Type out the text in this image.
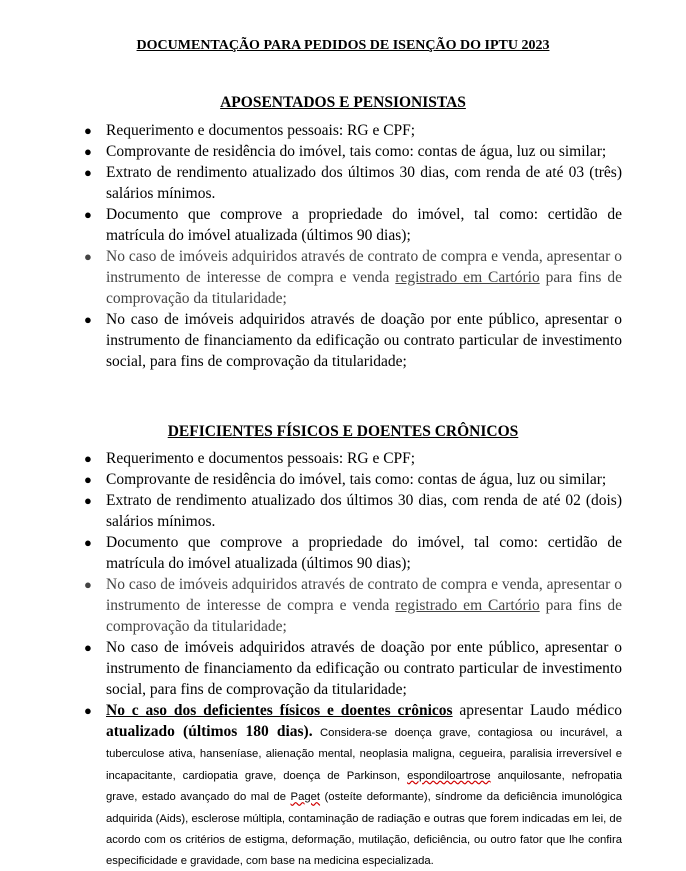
DOCUMENTAÇÃO PARA PEDIDOS DE ISENÇÃO DO IPTU 2023
APOSENTADOS E PENSIONISTAS
● Requerimento e documentos pessoais: RG e CPF;
● Comprovante de residência do imóvel, tais como: contas de água, luz ou similar;
● Extrato de rendimento atualizado dos últimos 30 dias, com renda de até 03 (três) salários mínimos.
● Documento que comprove a propriedade do imóvel, tal como: certidão de matrícula do imóvel atualizada (últimos 90 dias);
● No caso de imóveis adquiridos através de contrato de compra e venda, apresentar o instrumento de interesse de compra e venda registrado em Cartório para fins de comprovação da titularidade;
● No caso de imóveis adquiridos através de doação por ente público, apresentar o instrumento de financiamento da edificação ou contrato particular de investimento social, para fins de comprovação da titularidade;
DEFICIENTES FÍSICOS E DOENTES CRÔNICOS
● Requerimento e documentos pessoais: RG e CPF;
● Comprovante de residência do imóvel, tais como: contas de água, luz ou similar;
● Extrato de rendimento atualizado dos últimos 30 dias, com renda de até 02 (dois) salários mínimos.
● Documento que comprove a propriedade do imóvel, tal como: certidão de matrícula do imóvel atualizada (últimos 90 dias);
● No caso de imóveis adquiridos através de contrato de compra e venda, apresentar o instrumento de interesse de compra e venda registrado em Cartório para fins de comprovação da titularidade;
● No caso de imóveis adquiridos através de doação por ente público, apresentar o instrumento de financiamento da edificação ou contrato particular de investimento social, para fins de comprovação da titularidade;
● No c aso dos deficientes físicos e doentes crônicos apresentar Laudo médico atualizado (últimos 180 dias). Considera-se doença grave, contagiosa ou incurável, a tuberculose ativa, hanseníase, alienação mental, neoplasia maligna, cegueira, paralisia irreversível e incapacitante, cardiopatia grave, doença de Parkinson, espondiloartrose anquilosante, nefropatia grave, estado avançado do mal de Paget (osteíte deformante), síndrome da deficiência imunológica adquirida (Aids), esclerose múltipla, contaminação de radiação e outras que forem indicadas em lei, de acordo com os critérios de estigma, deformação, mutilação, deficiência, ou outro fator que lhe confira especificidade e gravidade, com base na medicina especializada.
